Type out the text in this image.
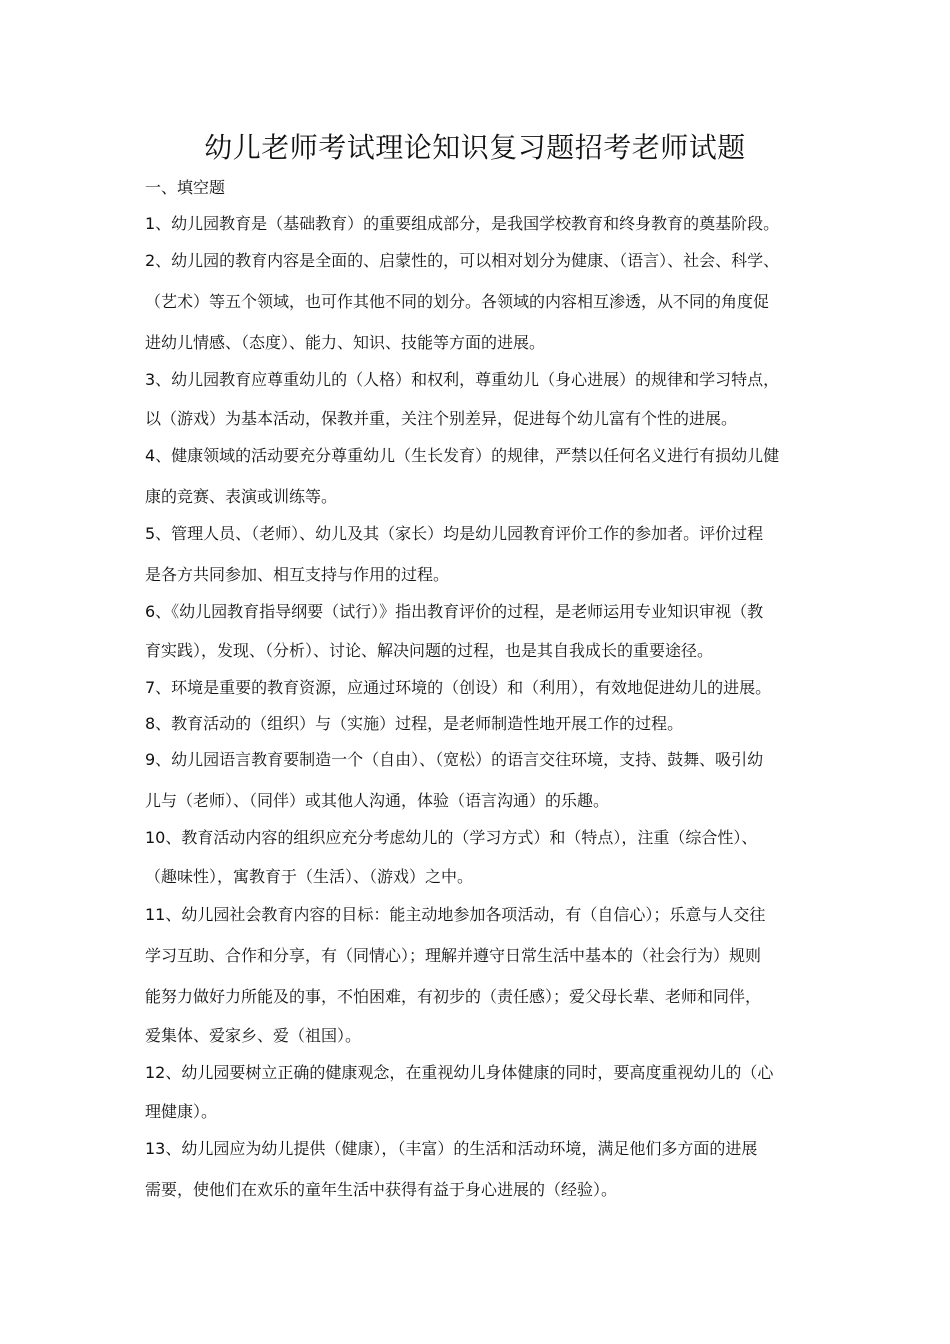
幼儿老师考试理论知识复习题招考老师试题
一、填空题
1、幼儿园教育是（基础教育）的重要组成部分，是我国学校教育和终身教育的奠基阶段。
2、幼儿园的教育内容是全面的、启蒙性的，可以相对划分为健康、（语言）、社会、科学、
（艺术）等五个领域，也可作其他不同的划分。各领域的内容相互渗透，从不同的角度促
进幼儿情感、（态度）、能力、知识、技能等方面的进展。
3、幼儿园教育应尊重幼儿的（人格）和权利，尊重幼儿（身心进展）的规律和学习特点，
以（游戏）为基本活动，保教并重，关注个别差异，促进每个幼儿富有个性的进展。
4、健康领域的活动要充分尊重幼儿（生长发育）的规律，严禁以任何名义进行有损幼儿健
康的竞赛、表演或训练等。
5、管理人员、（老师）、幼儿及其（家长）均是幼儿园教育评价工作的参加者。评价过程
是各方共同参加、相互支持与作用的过程。
6、《幼儿园教育指导纲要（试行）》指出教育评价的过程，是老师运用专业知识审视（教
育实践），发现、（分析）、讨论、解决问题的过程，也是其自我成长的重要途径。
7、环境是重要的教育资源，应通过环境的（创设）和（利用），有效地促进幼儿的进展。
8、教育活动的（组织）与（实施）过程，是老师制造性地开展工作的过程。
9、幼儿园语言教育要制造一个（自由）、（宽松）的语言交往环境，支持、鼓舞、吸引幼
儿与（老师）、（同伴）或其他人沟通，体验（语言沟通）的乐趣。
10、教育活动内容的组织应充分考虑幼儿的（学习方式）和（特点），注重（综合性）、
（趣味性），寓教育于（生活）、（游戏）之中。
11、幼儿园社会教育内容的目标：能主动地参加各项活动，有（自信心）；乐意与人交往
学习互助、合作和分享，有（同情心）；理解并遵守日常生活中基本的（社会行为）规则
能努力做好力所能及的事，不怕困难，有初步的（责任感）；爱父母长辈、老师和同伴，
爱集体、爱家乡、爱（祖国）。
12、幼儿园要树立正确的健康观念，在重视幼儿身体健康的同时，要高度重视幼儿的（心
理健康）。
13、幼儿园应为幼儿提供（健康），（丰富）的生活和活动环境，满足他们多方面的进展
需要，使他们在欢乐的童年生活中获得有益于身心进展的（经验）。
